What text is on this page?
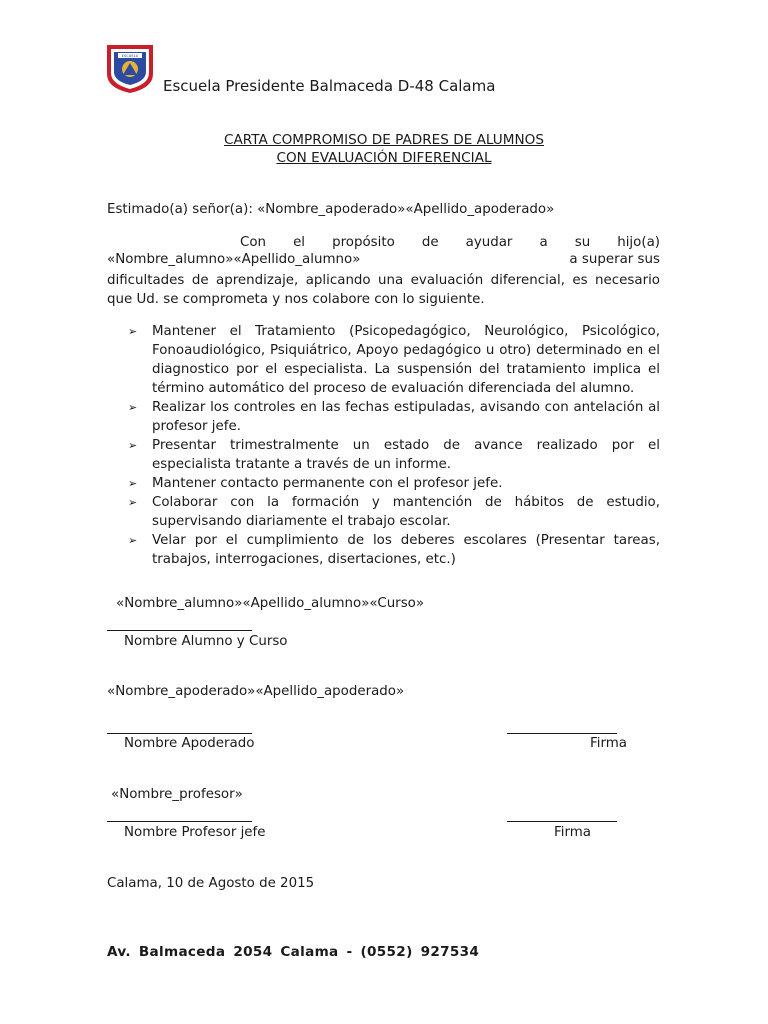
ESCUELA
Escuela Presidente Balmaceda D-48 Calama
CARTA COMPROMISO DE PADRES DE ALUMNOS
CON EVALUACIÓN DIFERENCIAL
Estimado(a) señor(a): «Nombre_apoderado»«Apellido_apoderado»
Con el propósito de ayudar a su hijo(a)
«Nombre_alumno»«Apellido_alumno»	a superar sus
dificultades de aprendizaje, aplicando una evaluación diferencial, es necesario que Ud. se comprometa y nos colabore con lo siguiente.
➢ Mantener el Tratamiento (Psicopedagógico, Neurológico, Psicológico, Fonoaudiológico, Psiquiátrico, Apoyo pedagógico u otro) determinado en el diagnostico por el especialista. La suspensión del tratamiento implica el término automático del proceso de evaluación diferenciada del alumno.
➢ Realizar los controles en las fechas estipuladas, avisando con antelación al profesor jefe.
➢ Presentar trimestralmente un estado de avance realizado por el especialista tratante a través de un informe.
➢ Mantener contacto permanente con el profesor jefe.
➢ Colaborar con la formación y mantención de hábitos de estudio, supervisando diariamente el trabajo escolar.
➢ Velar por el cumplimiento de los deberes escolares (Presentar tareas, trabajos, interrogaciones, disertaciones, etc.)
«Nombre_alumno»«Apellido_alumno»«Curso»
Nombre Alumno y Curso
«Nombre_apoderado»«Apellido_apoderado»
Nombre Apoderado	Firma
«Nombre_profesor»
Nombre Profesor jefe	Firma
Calama, 10 de Agosto de 2015
Av. Balmaceda 2054 Calama - (0552) 927534
